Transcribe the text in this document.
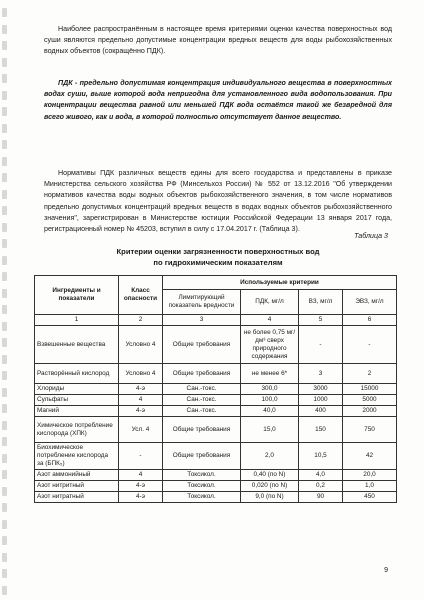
Наиболее распространённым в настоящее время критериями оценки качества поверхностных вод суши являются предельно допустимые концентрации вредных веществ для воды рыбохозяйственных водных объектов (сокращённо ПДК).
ПДК - предельно допустимая концентрация индивидуального вещества в поверхностных водах суши, выше которой вода непригодна для установленного вида водопользования. При концентрации вещества равной или меньшей ПДК вода остаётся такой же безвредной для всего живого, как и вода, в которой полностью отсутствует данное вещество.
Нормативы ПДК различных веществ едины для всего государства и представлены в приказе Министерства сельского хозяйства РФ (Минсельхоз России) № 552 от 13.12.2016 "Об утверждении нормативов качества воды водных объектов рыбохозяйственного значения, в том числе нормативов предельно допустимых концентраций вредных веществ в водах водных объектов рыбохозяйственного значения", зарегистрирован в Министерстве юстиции Российской Федерации 13 января 2017 года, регистрационный номер № 45203, вступил в силу с 17.04.2017 г. (Таблица 3).
Таблица 3
Критерии оценки загрязненности поверхностных вод
по гидрохимическим показателям
Ингредиенты и показатели	Класс опасности	Используемые критерии			
		Лимитирующий показатель вредности	ПДК, мг/л	ВЗ, мг/л	ЭВЗ, мг/л
1	2	3	4	5	6
Взвешенные вещества	Условно 4	Общие требования	не более 0,75 мг/дм³ сверх природного содержания	-	-
Растворённый кислород	Условно 4	Общие требования	не менее 6*	3	2
Хлориды	4-э	Сан.-токс.	300,0	3000	15000
Сульфаты	4	Сан.-токс.	100,0	1000	5000
Магний	4-э	Сан.-токс.	40,0	400	2000
Химическое потребление кислорода (ХПК)	Усл. 4	Общие требования	15,0	150	750
Биохимическое потребление кислорода за (БПК₅)	-	Общие требования	2,0	10,5	42
Азот аммонийный	4	Токсикол.	0,40 (по N)	4,0	20,0
Азот нитритный	4-э	Токсикол.	0,020 (по N)	0,2	1,0
Азот нитратный	4-э	Токсикол.	9,0 (по N)	90	450
9
